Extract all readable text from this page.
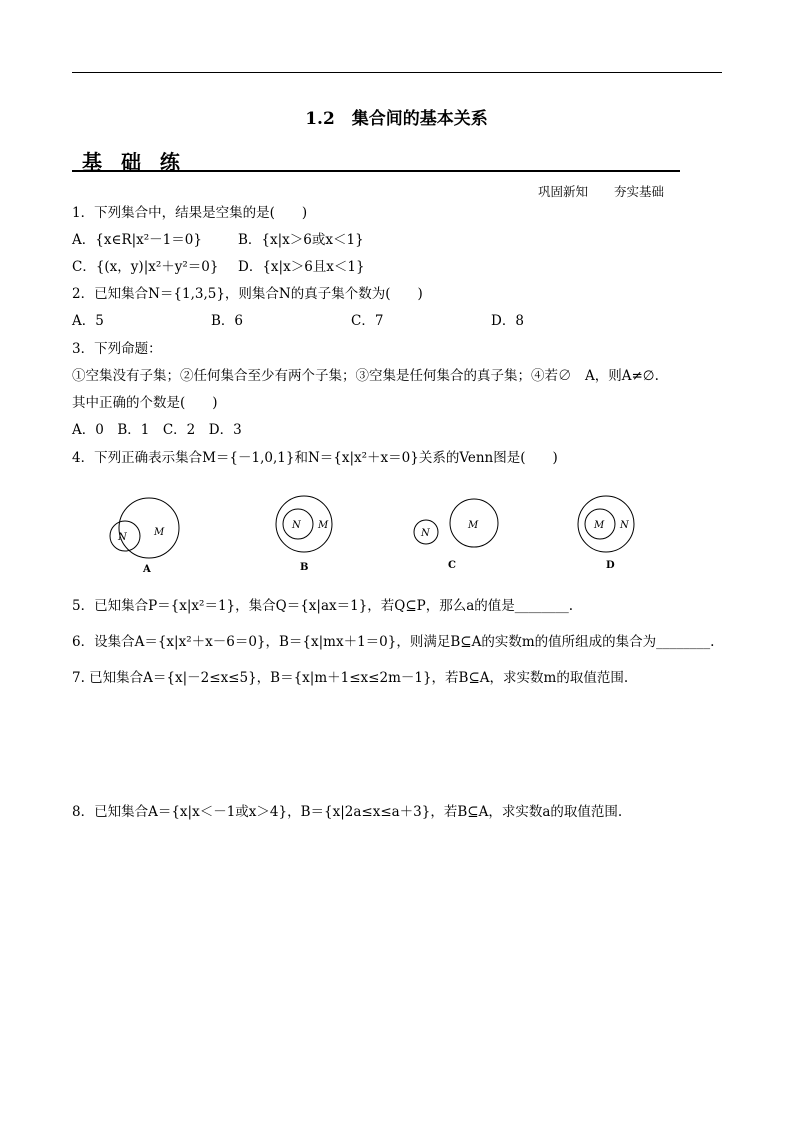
1.2　集合间的基本关系
基 础 练
巩固新知 夯实基础
1．下列集合中，结果是空集的是(　　)
A．{x∈R|x²－1＝0}	B．{x|x＞6或x＜1}
C．{(x，y)|x²＋y²＝0} D．{x|x＞6且x＜1}
2．已知集合N＝{1,3,5}，则集合N的真子集个数为(　　)
A．5	B．6	C．7	D．8
3．下列命题：
①空集没有子集；②任何集合至少有两个子集；③空集是任何集合的真子集；④若∅　A，则A≠∅.
其中正确的个数是(　　)
A．0　B．1　C．2　D．3
4．下列正确表示集合M＝{－1,0,1}和N＝{x|x²＋x＝0}关系的Venn图是(　　)
M
N
A
M
N
B
M
N
C
N
M
D
5．已知集合P＝{x|x²＝1}，集合Q＝{x|ax＝1}，若Q⊆P，那么a的值是________.
6．设集合A＝{x|x²＋x－6＝0}，B＝{x|mx＋1＝0}，则满足B⊆A的实数m的值所组成的集合为________.
7. 已知集合A＝{x|－2≤x≤5}，B＝{x|m＋1≤x≤2m－1}，若B⊆A，求实数m的取值范围.
8．已知集合A＝{x|x＜－1或x＞4}，B＝{x|2a≤x≤a＋3}，若B⊆A，求实数a的取值范围.
